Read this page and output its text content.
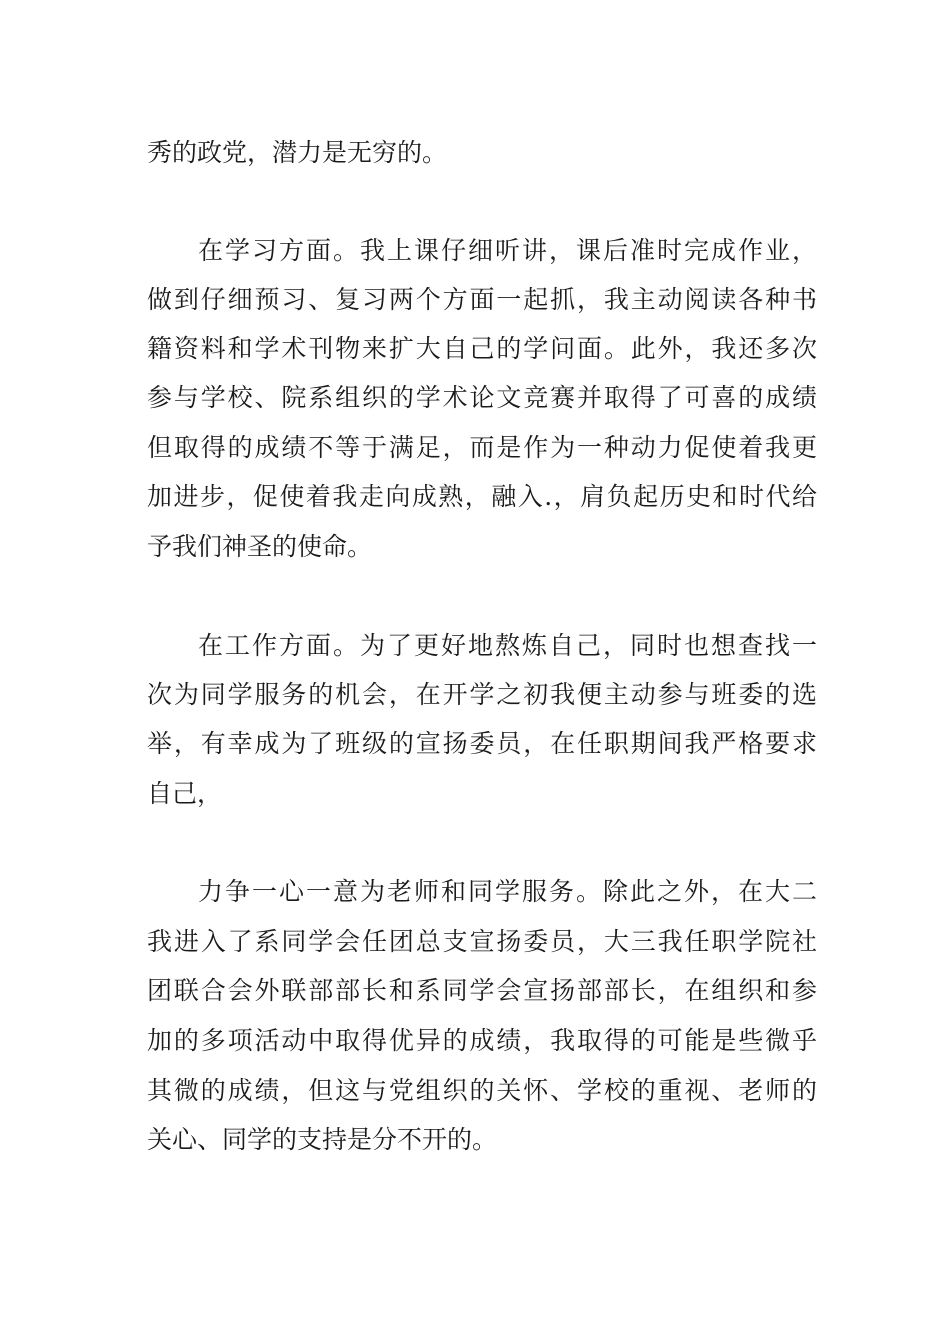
秀的政党，潜力是无穷的。
在学习方面。我上课仔细听讲，课后准时完成作业，
做到仔细预习、复习两个方面一起抓，我主动阅读各种书
籍资料和学术刊物来扩大自己的学问面。此外，我还多次
参与学校、院系组织的学术论文竞赛并取得了可喜的成绩
但取得的成绩不等于满足，而是作为一种动力促使着我更
加进步，促使着我走向成熟，融入.，肩负起历史和时代给
予我们神圣的使命。
在工作方面。为了更好地熬炼自己，同时也想查找一
次为同学服务的机会，在开学之初我便主动参与班委的选
举，有幸成为了班级的宣扬委员，在任职期间我严格要求
自己，
力争一心一意为老师和同学服务。除此之外，在大二
我进入了系同学会任团总支宣扬委员，大三我任职学院社
团联合会外联部部长和系同学会宣扬部部长，在组织和参
加的多项活动中取得优异的成绩，我取得的可能是些微乎
其微的成绩，但这与党组织的关怀、学校的重视、老师的
关心、同学的支持是分不开的。
